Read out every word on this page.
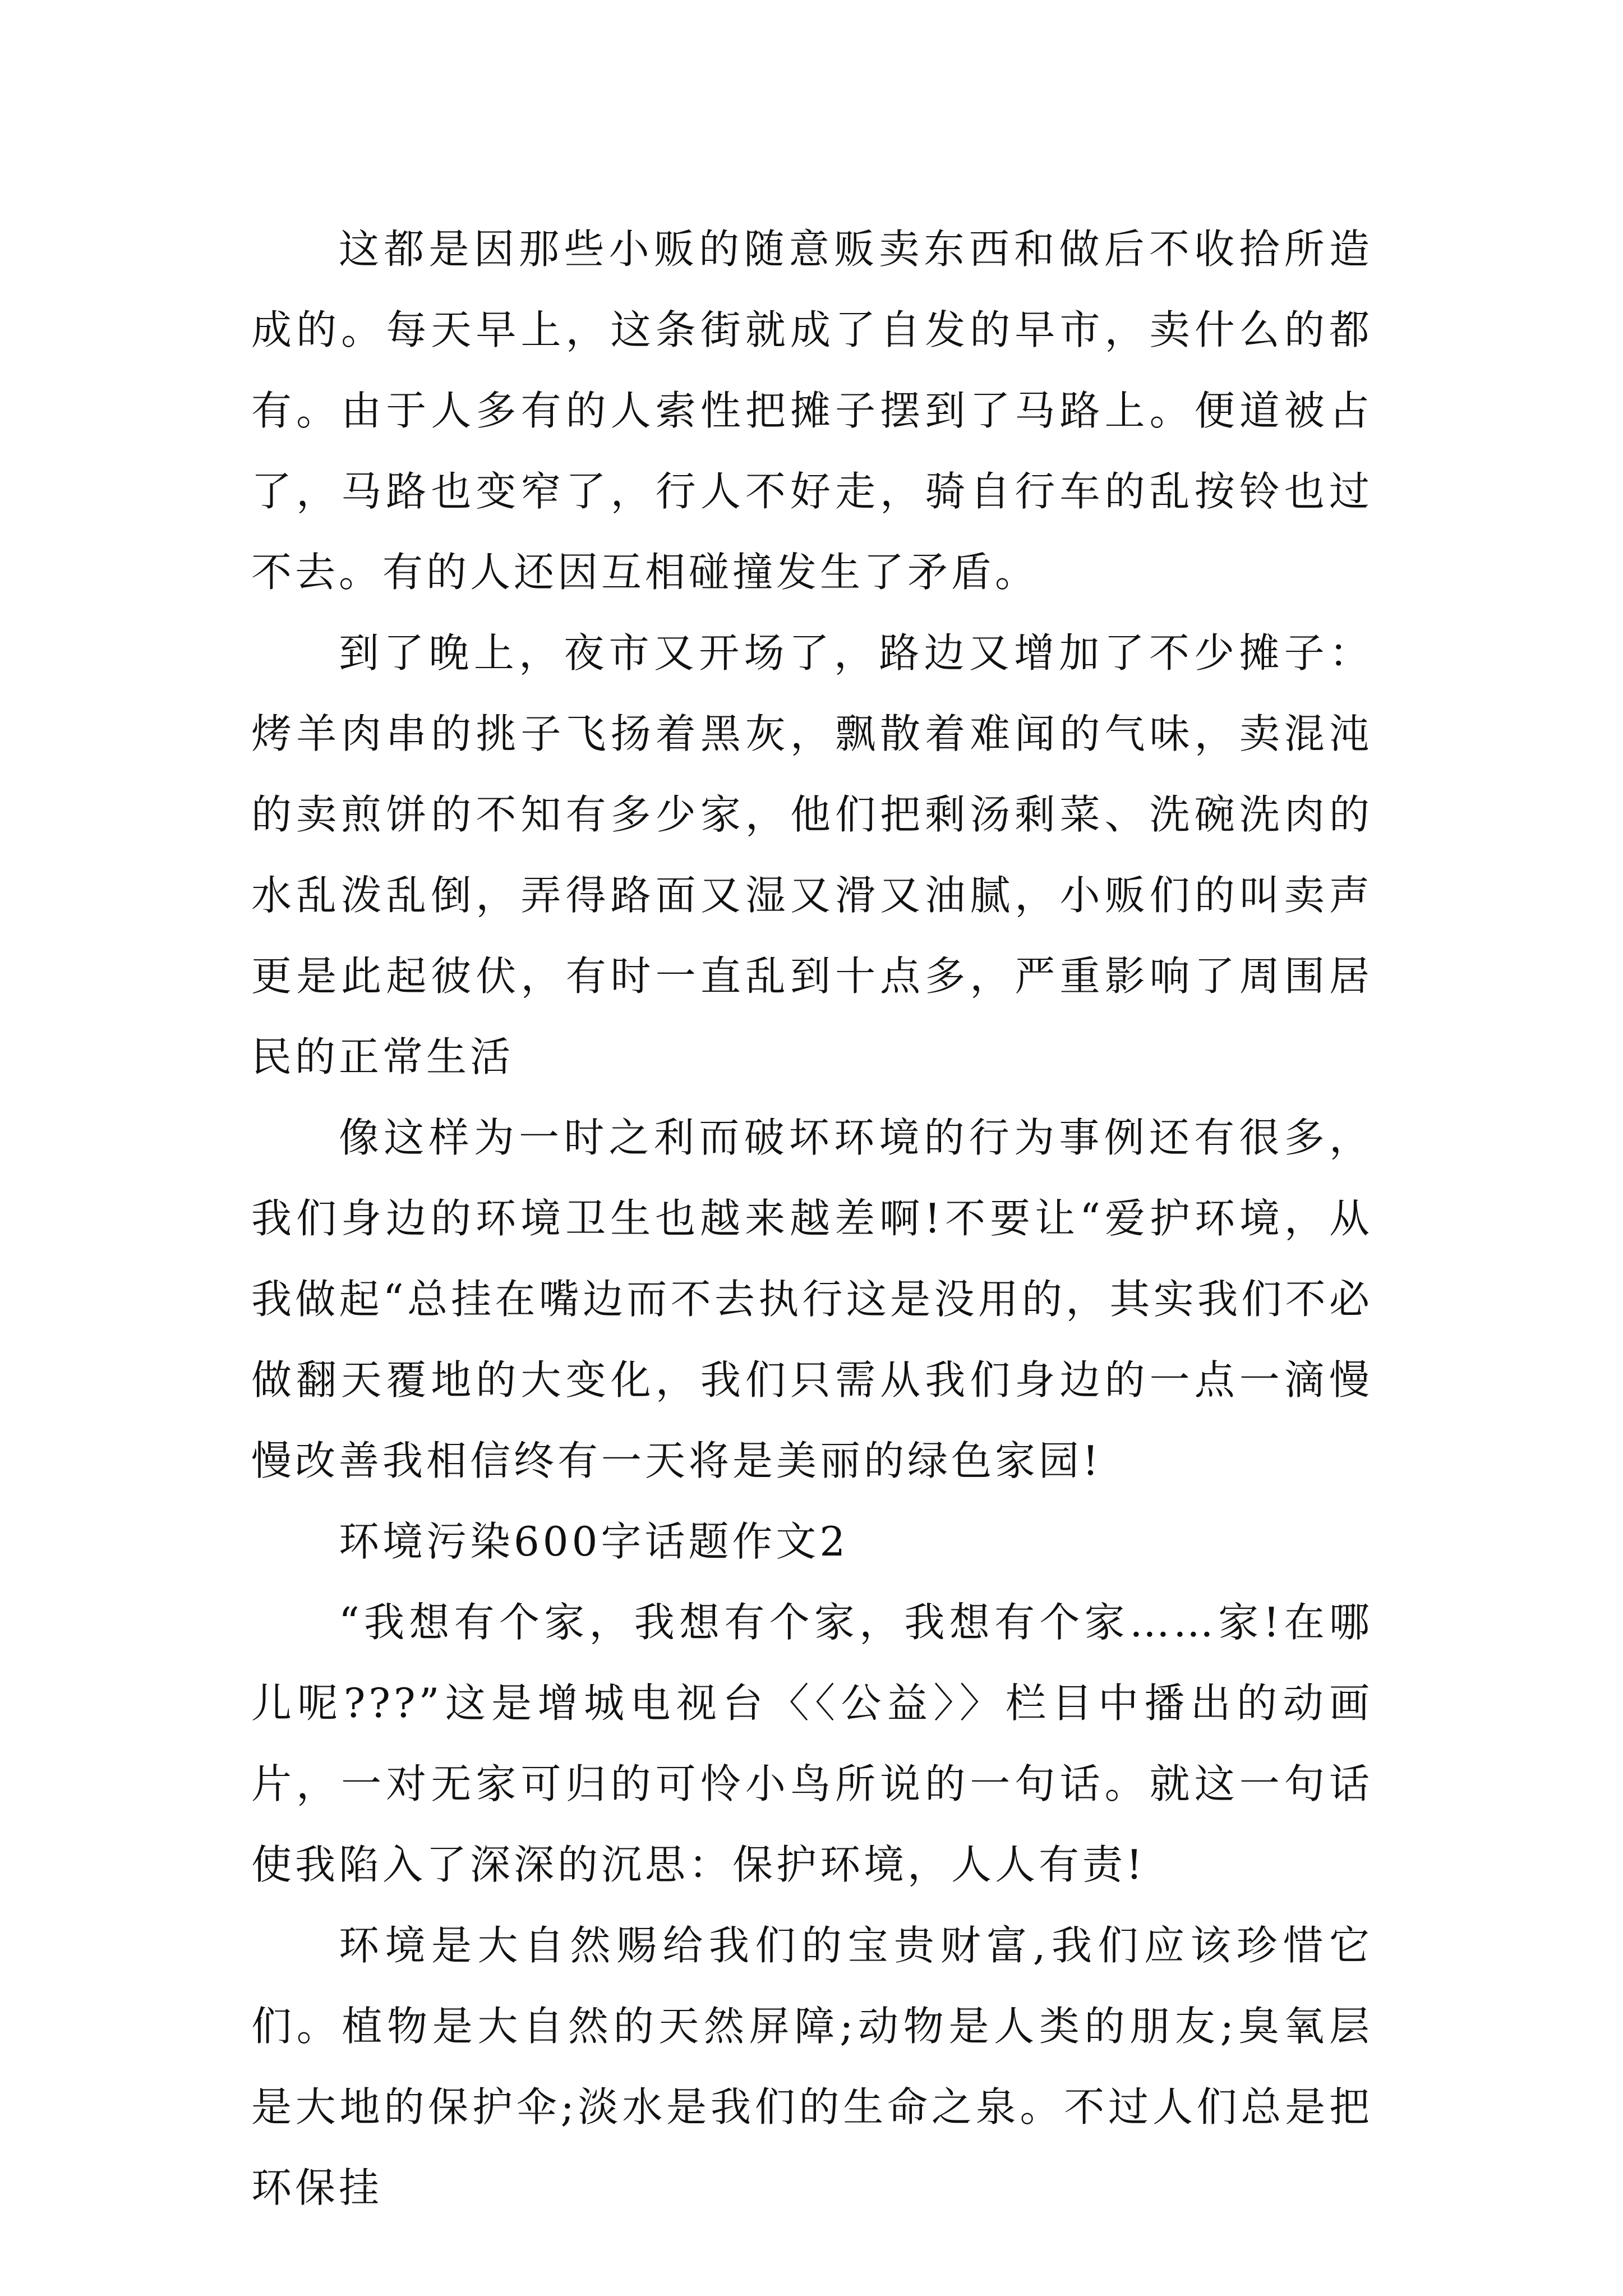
这都是因那些小贩的随意贩卖东西和做后不收拾所造成的。每天早上，这条街就成了自发的早市，卖什么的都有。由于人多有的人索性把摊子摆到了马路上。便道被占了，马路也变窄了，行人不好走，骑自行车的乱按铃也过不去。有的人还因互相碰撞发生了矛盾。

到了晚上，夜市又开场了，路边又增加了不少摊子：烤羊肉串的挑子飞扬着黑灰，飘散着难闻的气味，卖混沌的卖煎饼的不知有多少家，他们把剩汤剩菜、洗碗洗肉的水乱泼乱倒，弄得路面又湿又滑又油腻，小贩们的叫卖声更是此起彼伏，有时一直乱到十点多，严重影响了周围居民的正常生活

像这样为一时之利而破坏环境的行为事例还有很多，我们身边的环境卫生也越来越差啊!不要让“爱护环境，从我做起“总挂在嘴边而不去执行这是没用的，其实我们不必做翻天覆地的大变化，我们只需从我们身边的一点一滴慢慢改善我相信终有一天将是美丽的绿色家园!

环境污染600字话题作文2

“我想有个家，我想有个家，我想有个家……家!在哪儿呢???”这是增城电视台〈〈公益〉〉栏目中播出的动画片，一对无家可归的可怜小鸟所说的一句话。就这一句话使我陷入了深深的沉思：保护环境，人人有责!

环境是大自然赐给我们的宝贵财富,我们应该珍惜它们。植物是大自然的天然屏障;动物是人类的朋友;臭氧层是大地的保护伞;淡水是我们的生命之泉。不过人们总是把环保挂
